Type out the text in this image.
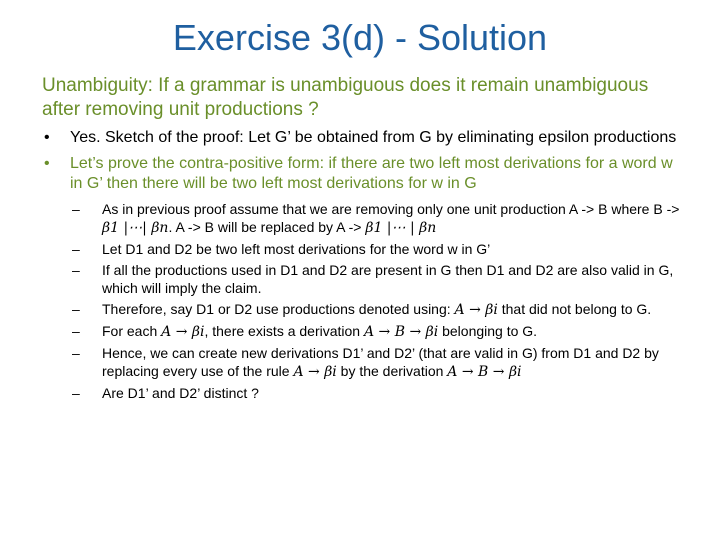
Exercise 3(d) - Solution

Unambiguity: If a grammar is unambiguous does it remain unambiguous after removing unit productions ?

• Yes. Sketch of the proof: Let G’ be obtained from G by eliminating epsilon productions
• Let’s prove the contra-positive form: if there are two left most derivations for a word w in G’ then there will be two left most derivations for w in G
– As in previous proof assume that we are removing only one unit production A -> B where B -> β1 |⋯| βn. A -> B will be replaced by A -> β1 |⋯ | βn
– Let D1 and D2 be two left most derivations for the word w in G’
– If all the productions used in D1 and D2 are present in G then D1 and D2 are also valid in G, which will imply the claim.
– Therefore, say D1 or D2 use productions denoted using: A → βi that did not belong to G.
– For each A → βi, there exists a derivation A → B → βi belonging to G.
– Hence, we can create new derivations D1’ and D2’ (that are valid in G) from D1 and D2 by replacing every use of the rule A → βi by the derivation A → B → βi
– Are D1’ and D2’ distinct ?
